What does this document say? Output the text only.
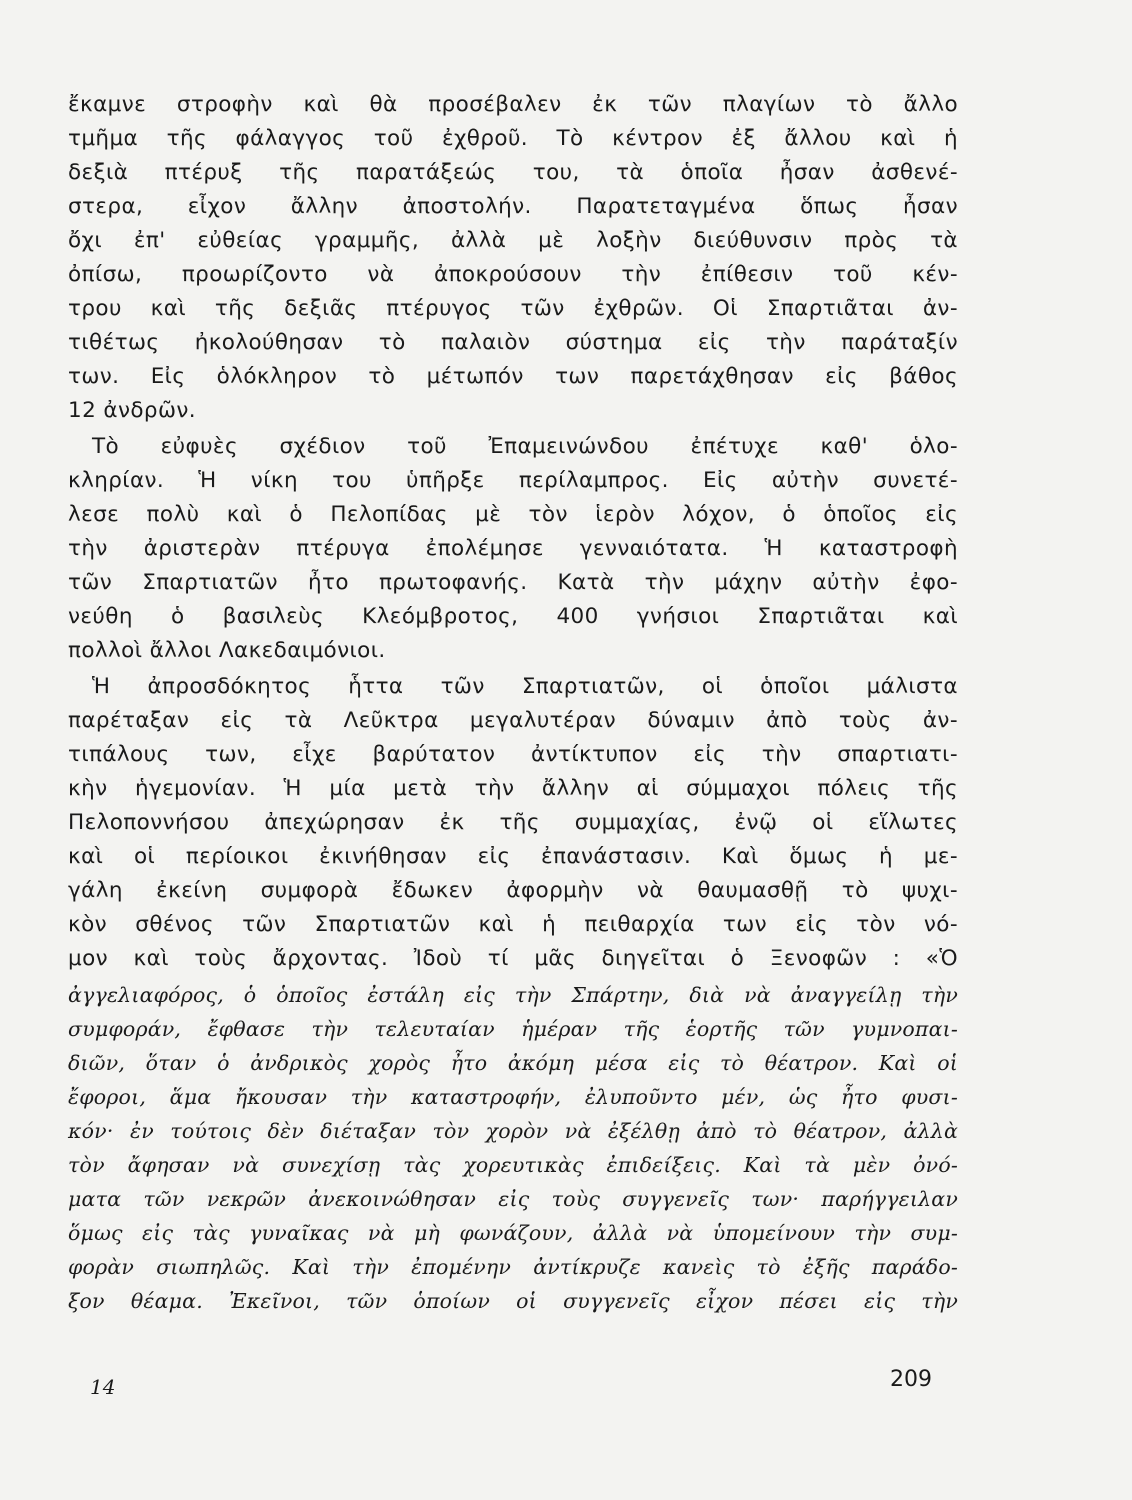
ἔκαμνε στροφὴν καὶ θὰ προσέβαλεν ἐκ τῶν πλαγίων τὸ ἄλλο
τμῆμα τῆς φάλαγγος τοῦ ἐχθροῦ. Τὸ κέντρον ἐξ ἄλλου καὶ ἡ
δεξιὰ πτέρυξ τῆς παρατάξεώς του, τὰ ὁποῖα ἦσαν ἀσθενέ-
στερα, εἶχον ἄλλην ἀποστολήν. Παρατεταγμένα ὅπως ἦσαν
ὄχι ἐπ' εὐθείας γραμμῆς, ἀλλὰ μὲ λοξὴν διεύθυνσιν πρὸς τὰ
ὀπίσω, προωρίζοντο νὰ ἀποκρούσουν τὴν ἐπίθεσιν τοῦ κέν-
τρου καὶ τῆς δεξιᾶς πτέρυγος τῶν ἐχθρῶν. Οἱ Σπαρτιᾶται ἀν-
τιθέτως ἠκολούθησαν τὸ παλαιὸν σύστημα εἰς τὴν παράταξίν
των. Εἰς ὁλόκληρον τὸ μέτωπόν των παρετάχθησαν εἰς βάθος
12 ἀνδρῶν.
Τὸ εὐφυὲς σχέδιον τοῦ Ἐπαμεινώνδου ἐπέτυχε καθ' ὁλο-
κληρίαν. Ἡ νίκη του ὑπῆρξε περίλαμπρος. Εἰς αὐτὴν συνετέ-
λεσε πολὺ καὶ ὁ Πελοπίδας μὲ τὸν ἱερὸν λόχον, ὁ ὁποῖος εἰς
τὴν ἀριστερὰν πτέρυγα ἐπολέμησε γενναιότατα. Ἡ καταστροφὴ
τῶν Σπαρτιατῶν ἦτο πρωτοφανής. Κατὰ τὴν μάχην αὐτὴν ἐφο-
νεύθη ὁ βασιλεὺς Κλεόμβροτος, 400 γνήσιοι Σπαρτιᾶται καὶ
πολλοὶ ἄλλοι Λακεδαιμόνιοι.
Ἡ ἀπροσδόκητος ἧττα τῶν Σπαρτιατῶν, οἱ ὁποῖοι μάλιστα
παρέταξαν εἰς τὰ Λεῦκτρα μεγαλυτέραν δύναμιν ἀπὸ τοὺς ἀν-
τιπάλους των, εἶχε βαρύτατον ἀντίκτυπον εἰς τὴν σπαρτιατι-
κὴν ἡγεμονίαν. Ἡ μία μετὰ τὴν ἄλλην αἱ σύμμαχοι πόλεις τῆς
Πελοποννήσου ἀπεχώρησαν ἐκ τῆς συμμαχίας, ἐνῷ οἱ εἵλωτες
καὶ οἱ περίοικοι ἐκινήθησαν εἰς ἐπανάστασιν. Καὶ ὅμως ἡ με-
γάλη ἐκείνη συμφορὰ ἔδωκεν ἀφορμὴν νὰ θαυμασθῇ τὸ ψυχι-
κὸν σθένος τῶν Σπαρτιατῶν καὶ ἡ πειθαρχία των εἰς τὸν νό-
μον καὶ τοὺς ἄρχοντας. Ἰδοὺ τί μᾶς διηγεῖται ὁ Ξενοφῶν : «Ὁ
ἀγγελιαφόρος, ὁ ὁποῖος ἐστάλη εἰς τὴν Σπάρτην, διὰ νὰ ἀναγγείλῃ τὴν
συμφοράν, ἔφθασε τὴν τελευταίαν ἡμέραν τῆς ἑορτῆς τῶν γυμνοπαι-
διῶν, ὅταν ὁ ἀνδρικὸς χορὸς ἦτο ἀκόμη μέσα εἰς τὸ θέατρον. Καὶ οἱ
ἔφοροι, ἅμα ἤκουσαν τὴν καταστροφήν, ἐλυποῦντο μέν, ὡς ἦτο φυσι-
κόν· ἐν τούτοις δὲν διέταξαν τὸν χορὸν νὰ ἐξέλθῃ ἀπὸ τὸ θέατρον, ἀλλὰ
τὸν ἄφησαν νὰ συνεχίσῃ τὰς χορευτικὰς ἐπιδείξεις. Καὶ τὰ μὲν ὀνό-
ματα τῶν νεκρῶν ἀνεκοινώθησαν εἰς τοὺς συγγενεῖς των· παρήγγειλαν
ὅμως εἰς τὰς γυναῖκας νὰ μὴ φωνάζουν, ἀλλὰ νὰ ὑπομείνουν τὴν συμ-
φορὰν σιωπηλῶς. Καὶ τὴν ἐπομένην ἀντίκρυζε κανεὶς τὸ ἐξῆς παράδο-
ξον θέαμα. Ἐκεῖνοι, τῶν ὁποίων οἱ συγγενεῖς εἶχον πέσει εἰς τὴν
14	209
